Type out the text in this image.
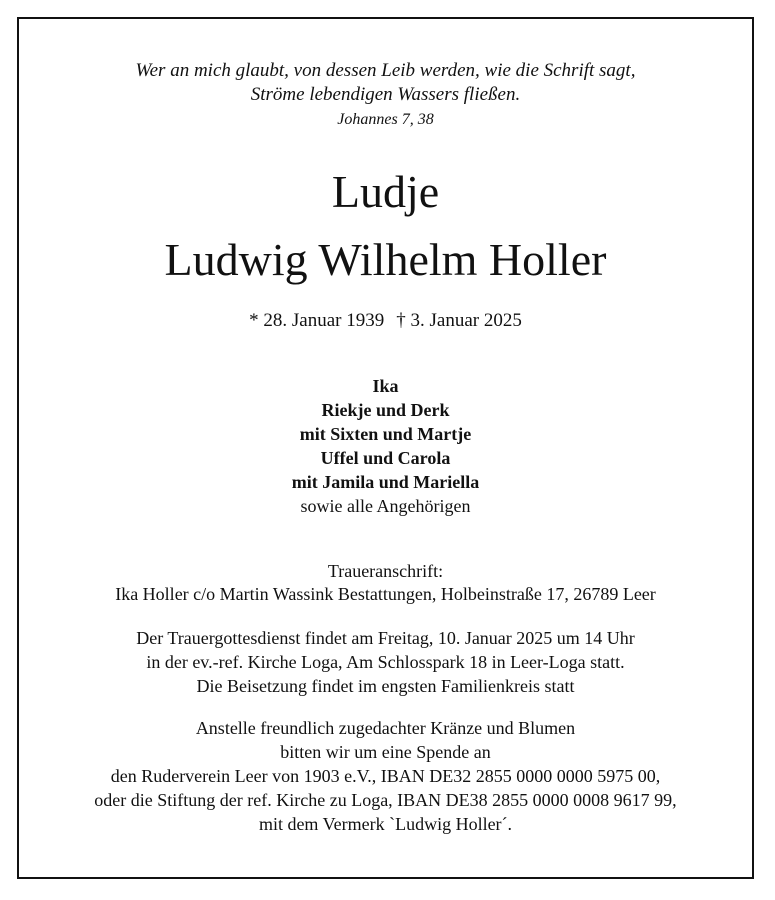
Wer an mich glaubt, von dessen Leib werden, wie die Schrift sagt,

Ströme lebendigen Wassers fließen.

Johannes 7, 38

Ludje

Ludwig Wilhelm Holler

* 28. Januar 1939 † 3. Januar 2025

Ika

Riekje und Derk

mit Sixten und Martje

Uffel und Carola

mit Jamila und Mariella

sowie alle Angehörigen

Traueranschrift:

Ika Holler c/o Martin Wassink Bestattungen, Holbeinstraße 17, 26789 Leer

Der Trauergottesdienst findet am Freitag, 10. Januar 2025 um 14 Uhr

in der ev.-ref. Kirche Loga, Am Schlosspark 18 in Leer-Loga statt.

Die Beisetzung findet im engsten Familienkreis statt

Anstelle freundlich zugedachter Kränze und Blumen

bitten wir um eine Spende an

den Ruderverein Leer von 1903 e.V., IBAN DE32 2855 0000 0000 5975 00,

oder die Stiftung der ref. Kirche zu Loga, IBAN DE38 2855 0000 0008 9617 99,

mit dem Vermerk `Ludwig Holler´.
